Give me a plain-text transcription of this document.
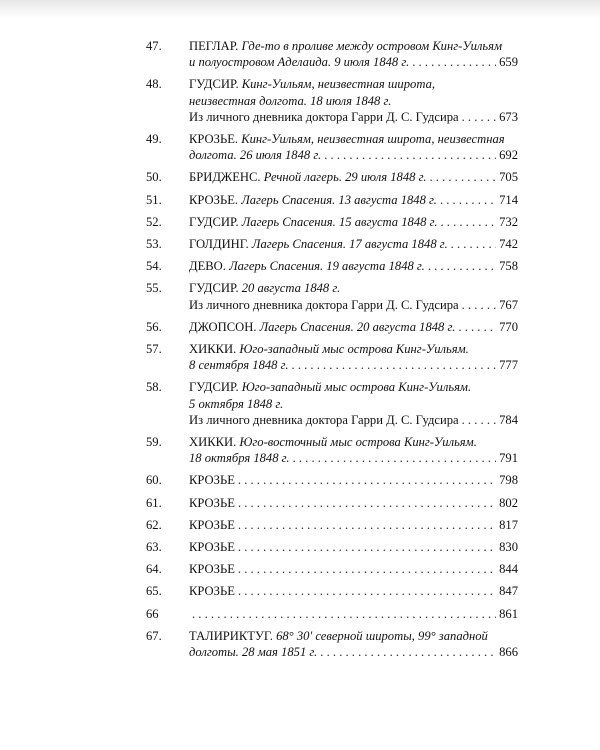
47. ПЕГЛАР. Где-то в проливе между островом Кинг-Уильям
и полуостровом Аделаида. 9 июля 1848 г. . . .	659
48. ГУДСИР. Кинг-Уильям, неизвестная широта,
неизвестная долгота. 18 июля 1848 г.
Из личного дневника доктора Гарри Д. С. Гудсира . . .	673
49. КРОЗЬЕ. Кинг-Уильям, неизвестная широта, неизвестная
долгота. 26 июля 1848 г. . . .	692
50. БРИДЖЕНС. Речной лагерь. 29 июля 1848 г. . . .	705
51. КРОЗЬЕ. Лагерь Спасения. 13 августа 1848 г. . . .	714
52. ГУДСИР. Лагерь Спасения. 15 августа 1848 г. . . .	732
53. ГОЛДИНГ. Лагерь Спасения. 17 августа 1848 г. . . .	742
54. ДЕВО. Лагерь Спасения. 19 августа 1848 г. . . .	758
55. ГУДСИР. 20 августа 1848 г.
Из личного дневника доктора Гарри Д. С. Гудсира . . .	767
56. ДЖОПСОН. Лагерь Спасения. 20 августа 1848 г. . . .	770
57. ХИККИ. Юго-западный мыс острова Кинг-Уильям.
8 сентября 1848 г. . . .	777
58. ГУДСИР. Юго-западный мыс острова Кинг-Уильям.
5 октября 1848 г.
Из личного дневника доктора Гарри Д. С. Гудсира . . .	784
59. ХИККИ. Юго-восточный мыс острова Кинг-Уильям.
18 октября 1848 г. . . .	791
60. КРОЗЬЕ . . .	798
61. КРОЗЬЕ . . .	802
62. КРОЗЬЕ . . .	817
63. КРОЗЬЕ . . .	830
64. КРОЗЬЕ . . .	844
65. КРОЗЬЕ . . .	847
66 . . .	861
67. ТАЛИРИКТУГ. 68° 30′ северной широты, 99° западной
долготы. 28 мая 1851 г. . . .	866
